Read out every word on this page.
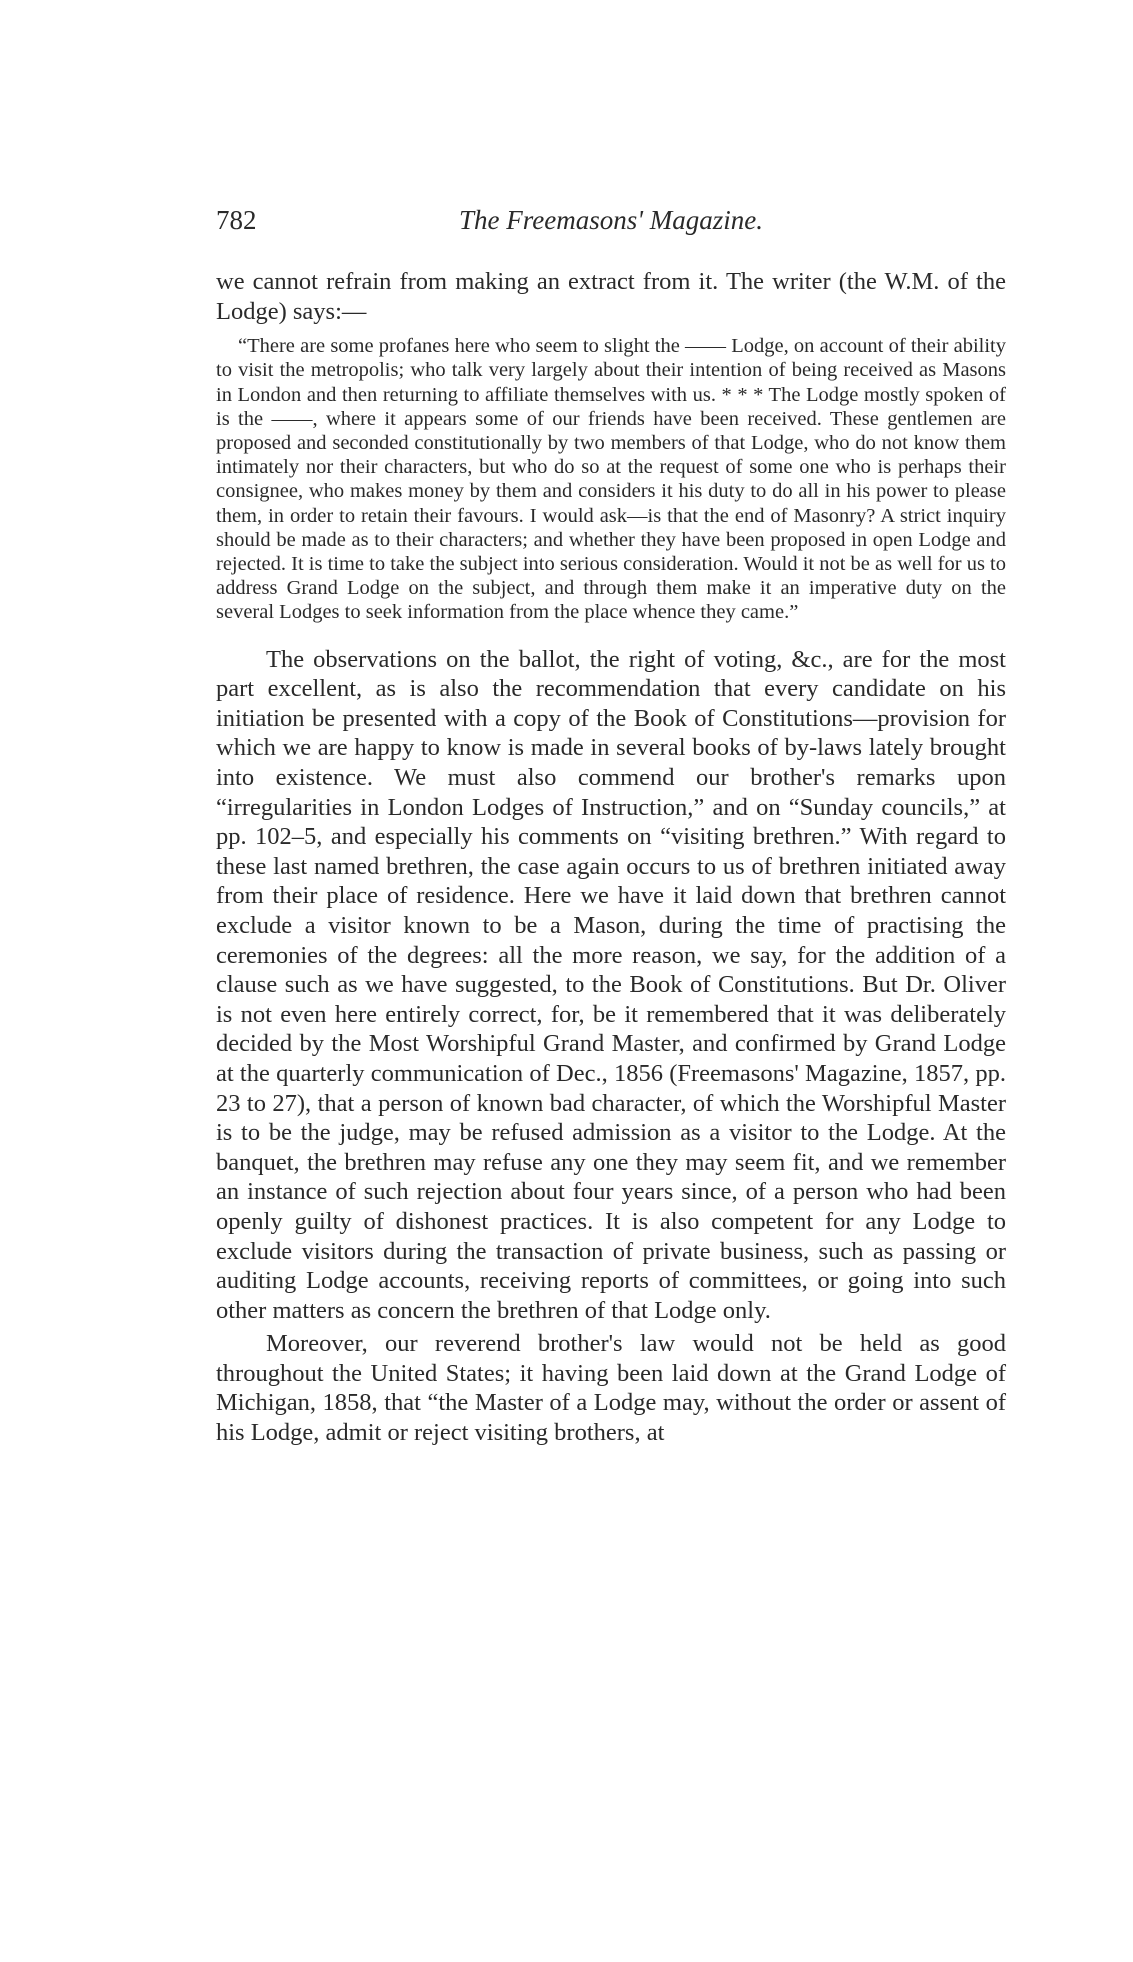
782	The Freemasons' Magazine.

we cannot refrain from making an extract from it. The writer (the W.M. of the Lodge) says:—

“There are some profanes here who seem to slight the —— Lodge, on account of their ability to visit the metropolis; who talk very largely about their intention of being received as Masons in London and then returning to affiliate themselves with us. * * * The Lodge mostly spoken of is the ——, where it appears some of our friends have been received. These gentlemen are proposed and seconded constitutionally by two members of that Lodge, who do not know them intimately nor their characters, but who do so at the request of some one who is perhaps their consignee, who makes money by them and considers it his duty to do all in his power to please them, in order to retain their favours. I would ask—is that the end of Masonry? A strict inquiry should be made as to their characters; and whether they have been proposed in open Lodge and rejected. It is time to take the subject into serious consideration. Would it not be as well for us to address Grand Lodge on the subject, and through them make it an imperative duty on the several Lodges to seek information from the place whence they came.”

The observations on the ballot, the right of voting, &c., are for the most part excellent, as is also the recommendation that every candidate on his initiation be presented with a copy of the Book of Constitutions—provision for which we are happy to know is made in several books of by-laws lately brought into existence. We must also commend our brother's remarks upon “irregularities in London Lodges of Instruction,” and on “Sunday councils,” at pp. 102–5, and especially his comments on “visiting brethren.” With regard to these last named brethren, the case again occurs to us of brethren initiated away from their place of residence. Here we have it laid down that brethren cannot exclude a visitor known to be a Mason, during the time of practising the ceremonies of the degrees: all the more reason, we say, for the addition of a clause such as we have suggested, to the Book of Constitutions. But Dr. Oliver is not even here entirely correct, for, be it remembered that it was deliberately decided by the Most Worshipful Grand Master, and confirmed by Grand Lodge at the quarterly communication of Dec., 1856 (Freemasons' Magazine, 1857, pp. 23 to 27), that a person of known bad character, of which the Worshipful Master is to be the judge, may be refused admission as a visitor to the Lodge. At the banquet, the brethren may refuse any one they may seem fit, and we remember an instance of such rejection about four years since, of a person who had been openly guilty of dishonest practices. It is also competent for any Lodge to exclude visitors during the transaction of private business, such as passing or auditing Lodge accounts, receiving reports of committees, or going into such other matters as concern the brethren of that Lodge only.

Moreover, our reverend brother's law would not be held as good throughout the United States; it having been laid down at the Grand Lodge of Michigan, 1858, that “the Master of a Lodge may, without the order or assent of his Lodge, admit or reject visiting brothers, at
